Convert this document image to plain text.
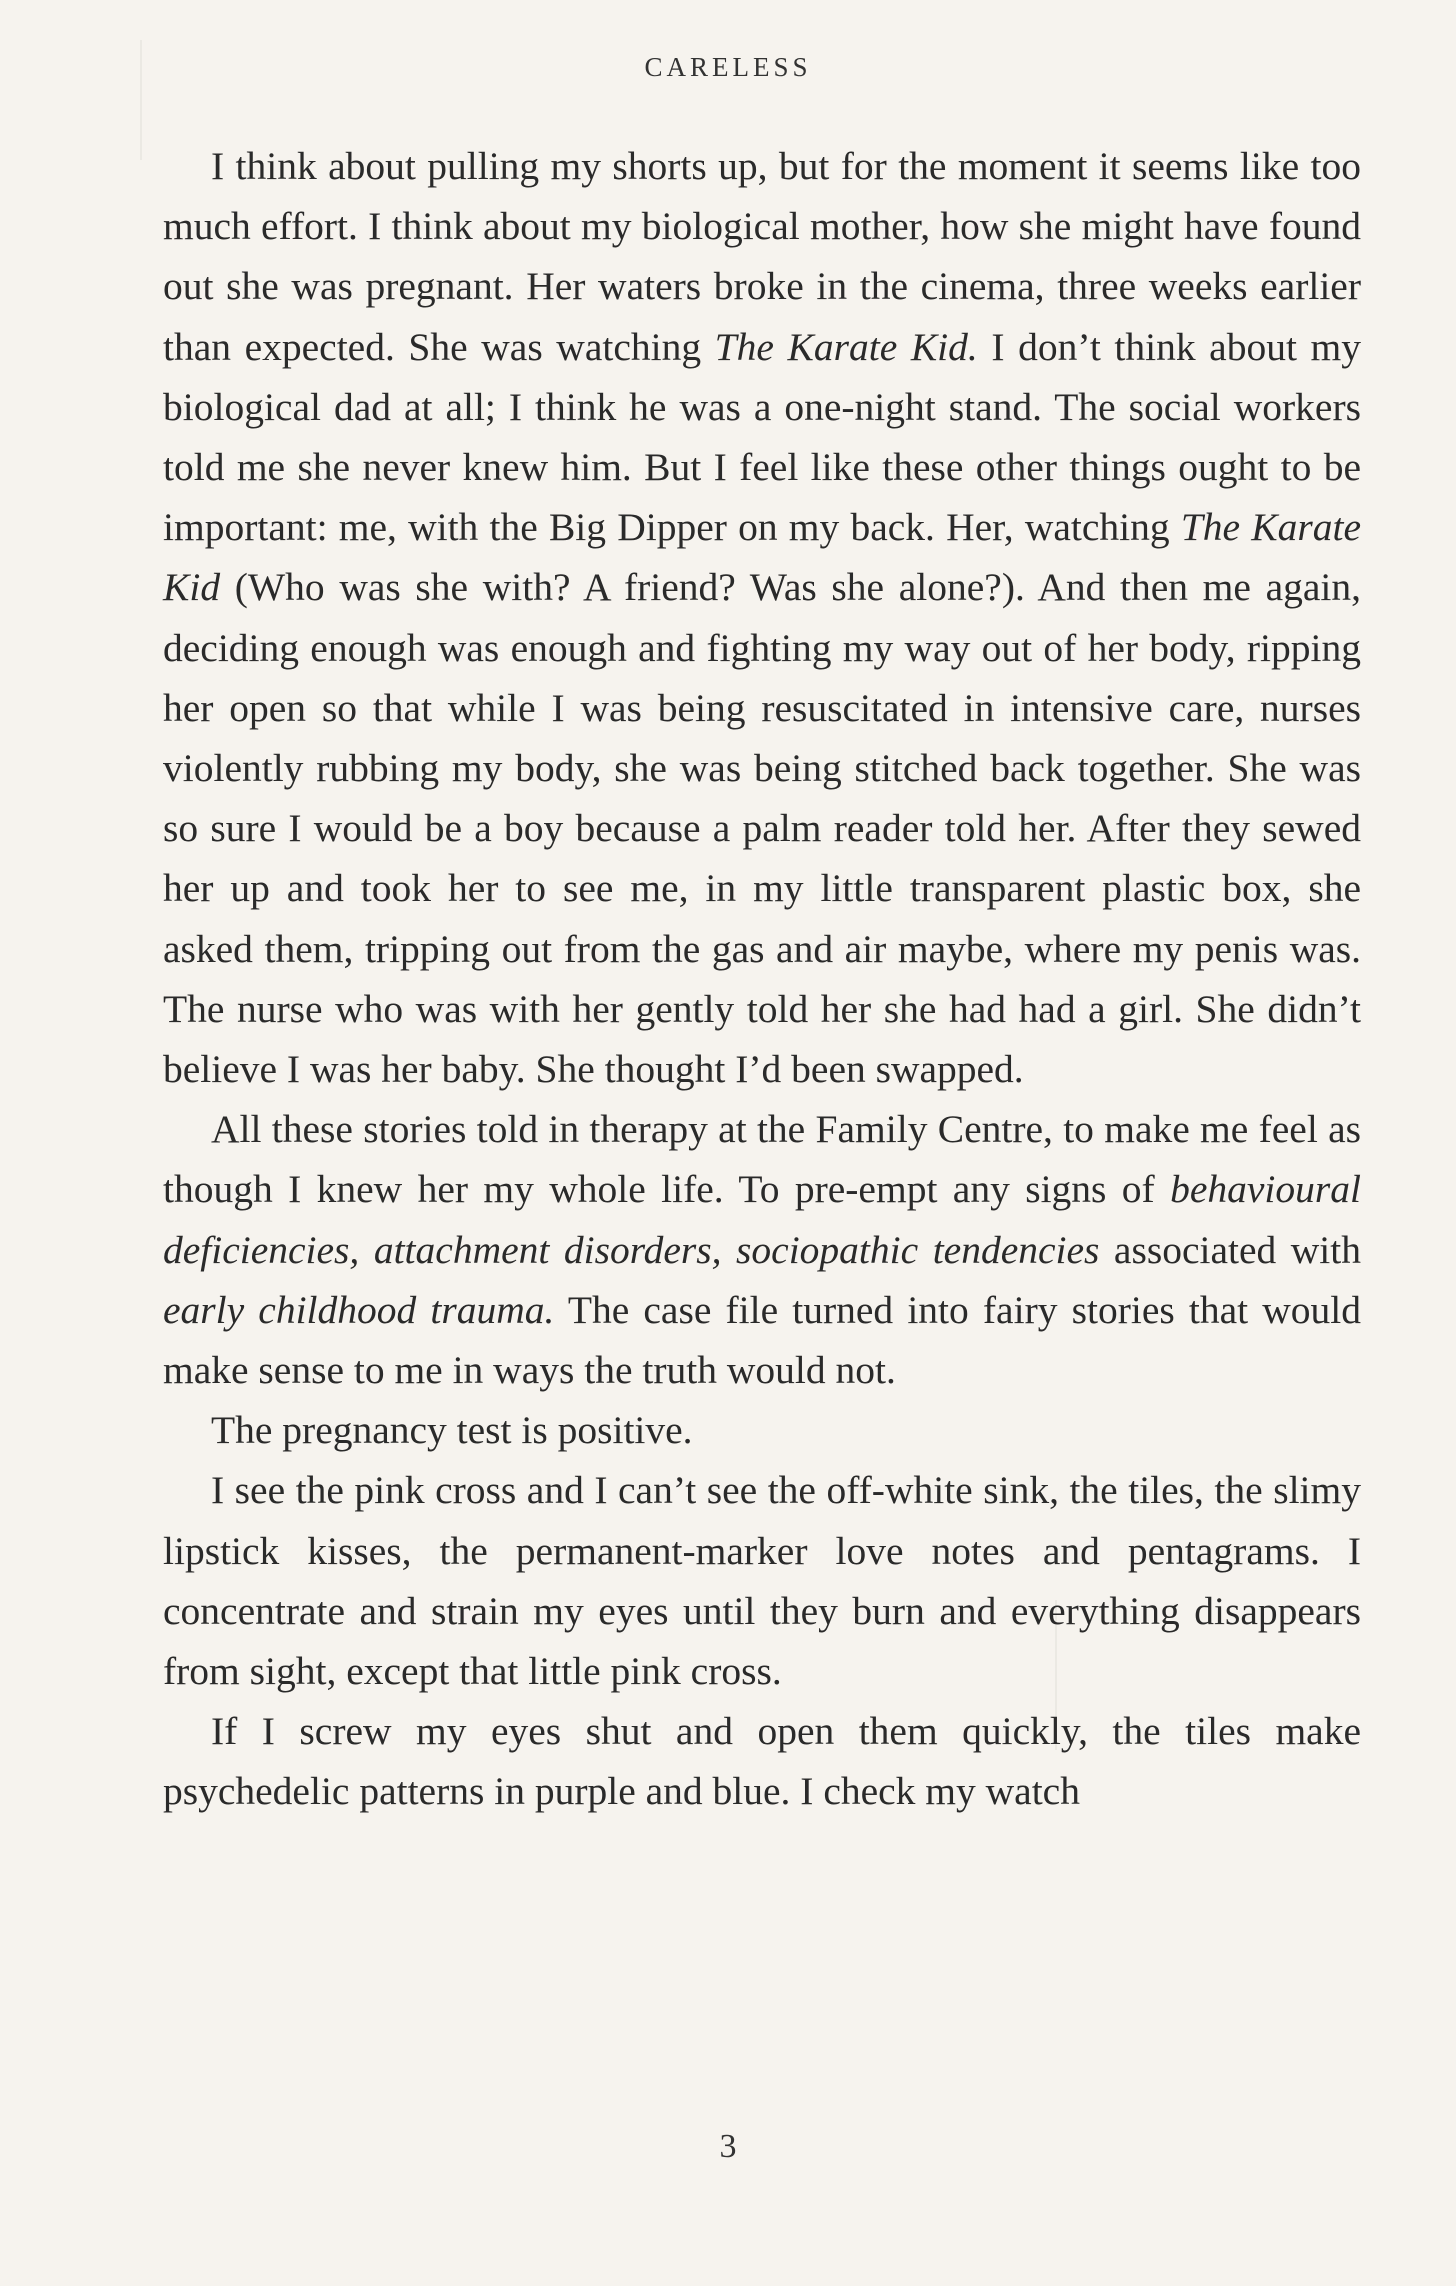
CARELESS

I think about pulling my shorts up, but for the moment it seems like too much effort. I think about my biological mother, how she might have found out she was pregnant. Her waters broke in the cinema, three weeks earlier than expected. She was watching The Karate Kid. I don’t think about my biological dad at all; I think he was a one-night stand. The social workers told me she never knew him. But I feel like these other things ought to be important: me, with the Big Dipper on my back. Her, watching The Karate Kid (Who was she with? A friend? Was she alone?). And then me again, deciding enough was enough and fighting my way out of her body, ripping her open so that while I was being resuscitated in intensive care, nurses violently rubbing my body, she was being stitched back together. She was so sure I would be a boy because a palm reader told her. After they sewed her up and took her to see me, in my little transparent plastic box, she asked them, tripping out from the gas and air maybe, where my penis was. The nurse who was with her gently told her she had had a girl. She didn’t believe I was her baby. She thought I’d been swapped.

All these stories told in therapy at the Family Centre, to make me feel as though I knew her my whole life. To pre-empt any signs of behavioural deficiencies, attachment disorders, sociopathic tendencies associated with early childhood trauma. The case file turned into fairy stories that would make sense to me in ways the truth would not.

The pregnancy test is positive.

I see the pink cross and I can’t see the off-white sink, the tiles, the slimy lipstick kisses, the permanent-marker love notes and pentagrams. I concentrate and strain my eyes until they burn and everything disappears from sight, except that little pink cross.

If I screw my eyes shut and open them quickly, the tiles make psychedelic patterns in purple and blue. I check my watch

3
